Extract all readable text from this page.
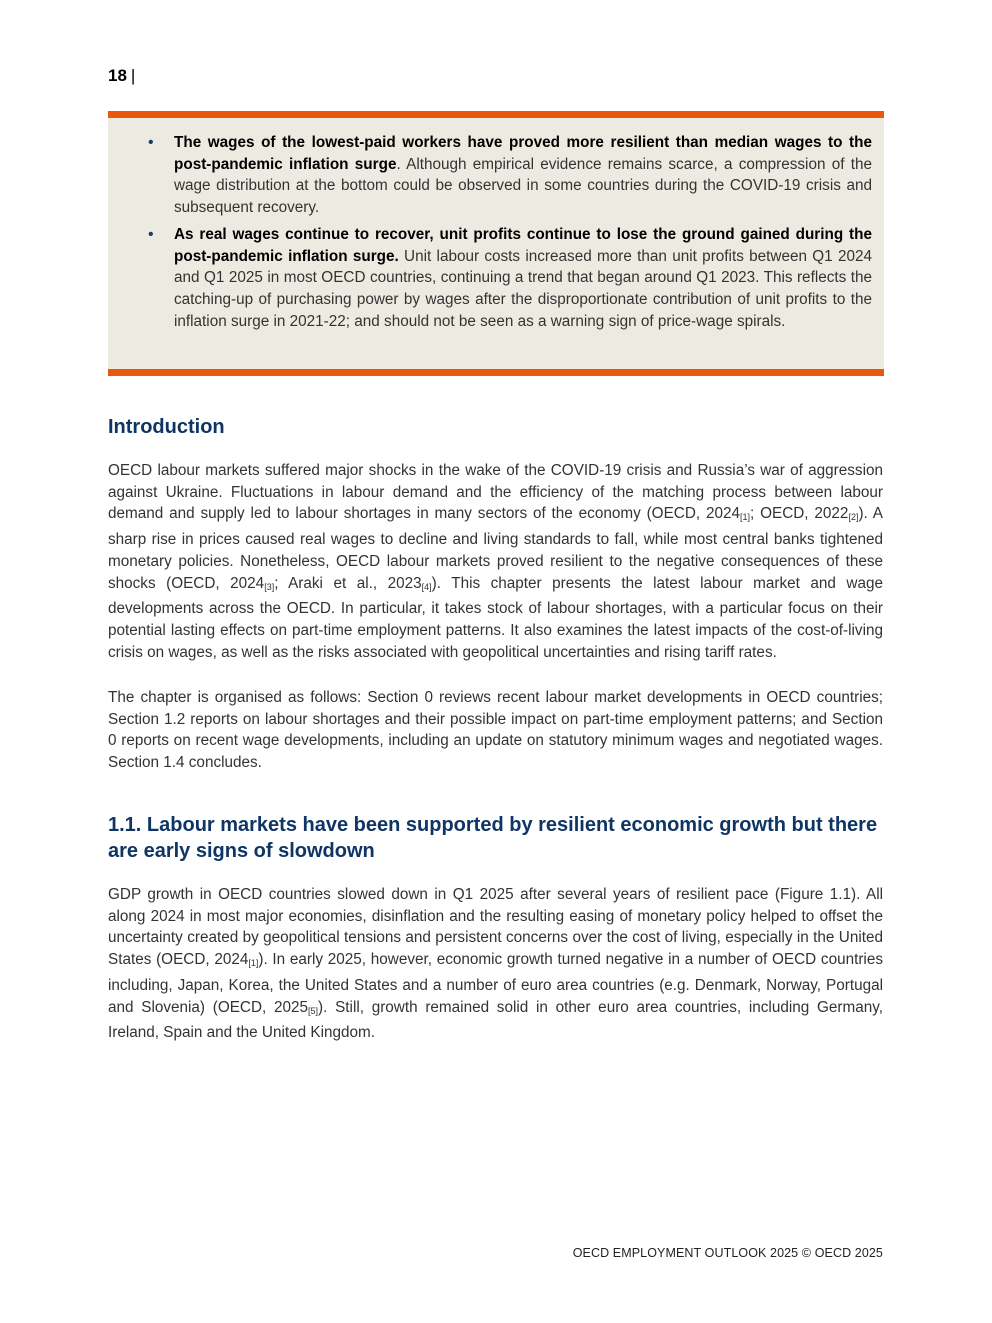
18 |
• The wages of the lowest-paid workers have proved more resilient than median wages to the post-pandemic inflation surge. Although empirical evidence remains scarce, a compression of the wage distribution at the bottom could be observed in some countries during the COVID-19 crisis and subsequent recovery.
• As real wages continue to recover, unit profits continue to lose the ground gained during the post-pandemic inflation surge. Unit labour costs increased more than unit profits between Q1 2024 and Q1 2025 in most OECD countries, continuing a trend that began around Q1 2023. This reflects the catching-up of purchasing power by wages after the disproportionate contribution of unit profits to the inflation surge in 2021-22; and should not be seen as a warning sign of price-wage spirals.
Introduction

OECD labour markets suffered major shocks in the wake of the COVID-19 crisis and Russia’s war of aggression against Ukraine. Fluctuations in labour demand and the efficiency of the matching process between labour demand and supply led to labour shortages in many sectors of the economy (OECD, $2024_{[1]}$; OECD, $2022_{[2]}$). A sharp rise in prices caused real wages to decline and living standards to fall, while most central banks tightened monetary policies. Nonetheless, OECD labour markets proved resilient to the negative consequences of these shocks (OECD, $2024_{[3]}$; Araki et al., $2023_{[4]}$). This chapter presents the latest labour market and wage developments across the OECD. In particular, it takes stock of labour shortages, with a particular focus on their potential lasting effects on part-time employment patterns. It also examines the latest impacts of the cost-of-living crisis on wages, as well as the risks associated with geopolitical uncertainties and rising tariff rates.

The chapter is organised as follows: Section 0 reviews recent labour market developments in OECD countries; Section 1.2 reports on labour shortages and their possible impact on part-time employment patterns; and Section 0 reports on recent wage developments, including an update on statutory minimum wages and negotiated wages. Section 1.4 concludes.

1.1. Labour markets have been supported by resilient economic growth but there are early signs of slowdown

GDP growth in OECD countries slowed down in Q1 2025 after several years of resilient pace (Figure 1.1). All along 2024 in most major economies, disinflation and the resulting easing of monetary policy helped to offset the uncertainty created by geopolitical tensions and persistent concerns over the cost of living, especially in the United States (OECD, $2024_{[1]}$). In early 2025, however, economic growth turned negative in a number of OECD countries including, Japan, Korea, the United States and a number of euro area countries (e.g. Denmark, Norway, Portugal and Slovenia) (OECD, $2025_{[5]}$). Still, growth remained solid in other euro area countries, including Germany, Ireland, Spain and the United Kingdom.

OECD EMPLOYMENT OUTLOOK 2025 © OECD 2025
